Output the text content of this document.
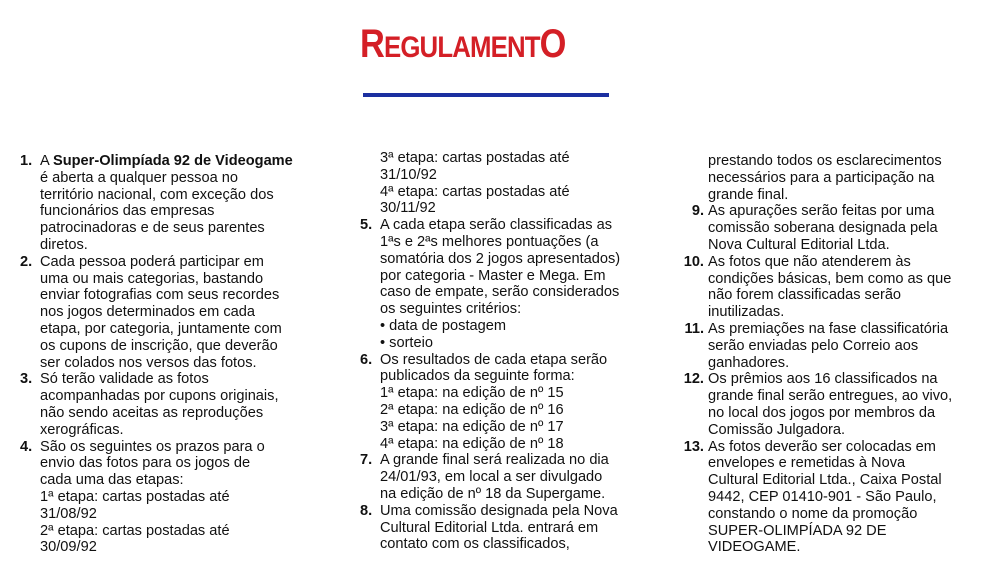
REGULAMENTO
1. A Super-Olimpíada 92 de Videogame
é aberta a qualquer pessoa no
território nacional, com exceção dos
funcionários das empresas
patrocinadoras e de seus parentes
diretos.
2. Cada pessoa poderá participar em
uma ou mais categorias, bastando
enviar fotografias com seus recordes
nos jogos determinados em cada
etapa, por categoria, juntamente com
os cupons de inscrição, que deverão
ser colados nos versos das fotos.
3. Só terão validade as fotos
acompanhadas por cupons originais,
não sendo aceitas as reproduções
xerográficas.
4. São os seguintes os prazos para o
envio das fotos para os jogos de
cada uma das etapas:
1ª etapa: cartas postadas até
31/08/92
2ª etapa: cartas postadas até
30/09/92
3ª etapa: cartas postadas até
31/10/92
4ª etapa: cartas postadas até
30/11/92
5. A cada etapa serão classificadas as
1ªs e 2ªs melhores pontuações (a
somatória dos 2 jogos apresentados)
por categoria - Master e Mega. Em
caso de empate, serão considerados
os seguintes critérios:
• data de postagem
• sorteio
6. Os resultados de cada etapa serão
publicados da seguinte forma:
1ª etapa: na edição de nº 15
2ª etapa: na edição de nº 16
3ª etapa: na edição de nº 17
4ª etapa: na edição de nº 18
7. A grande final será realizada no dia
24/01/93, em local a ser divulgado
na edição de nº 18 da Supergame.
8. Uma comissão designada pela Nova
Cultural Editorial Ltda. entrará em
contato com os classificados,
prestando todos os esclarecimentos
necessários para a participação na
grande final.
9. As apurações serão feitas por uma
comissão soberana designada pela
Nova Cultural Editorial Ltda.
10. As fotos que não atenderem às
condições básicas, bem como as que
não forem classificadas serão
inutilizadas.
11. As premiações na fase classificatória
serão enviadas pelo Correio aos
ganhadores.
12. Os prêmios aos 16 classificados na
grande final serão entregues, ao vivo,
no local dos jogos por membros da
Comissão Julgadora.
13. As fotos deverão ser colocadas em
envelopes e remetidas à Nova
Cultural Editorial Ltda., Caixa Postal
9442, CEP 01410-901 - São Paulo,
constando o nome da promoção
SUPER-OLIMPÍADA 92 DE
VIDEOGAME.
